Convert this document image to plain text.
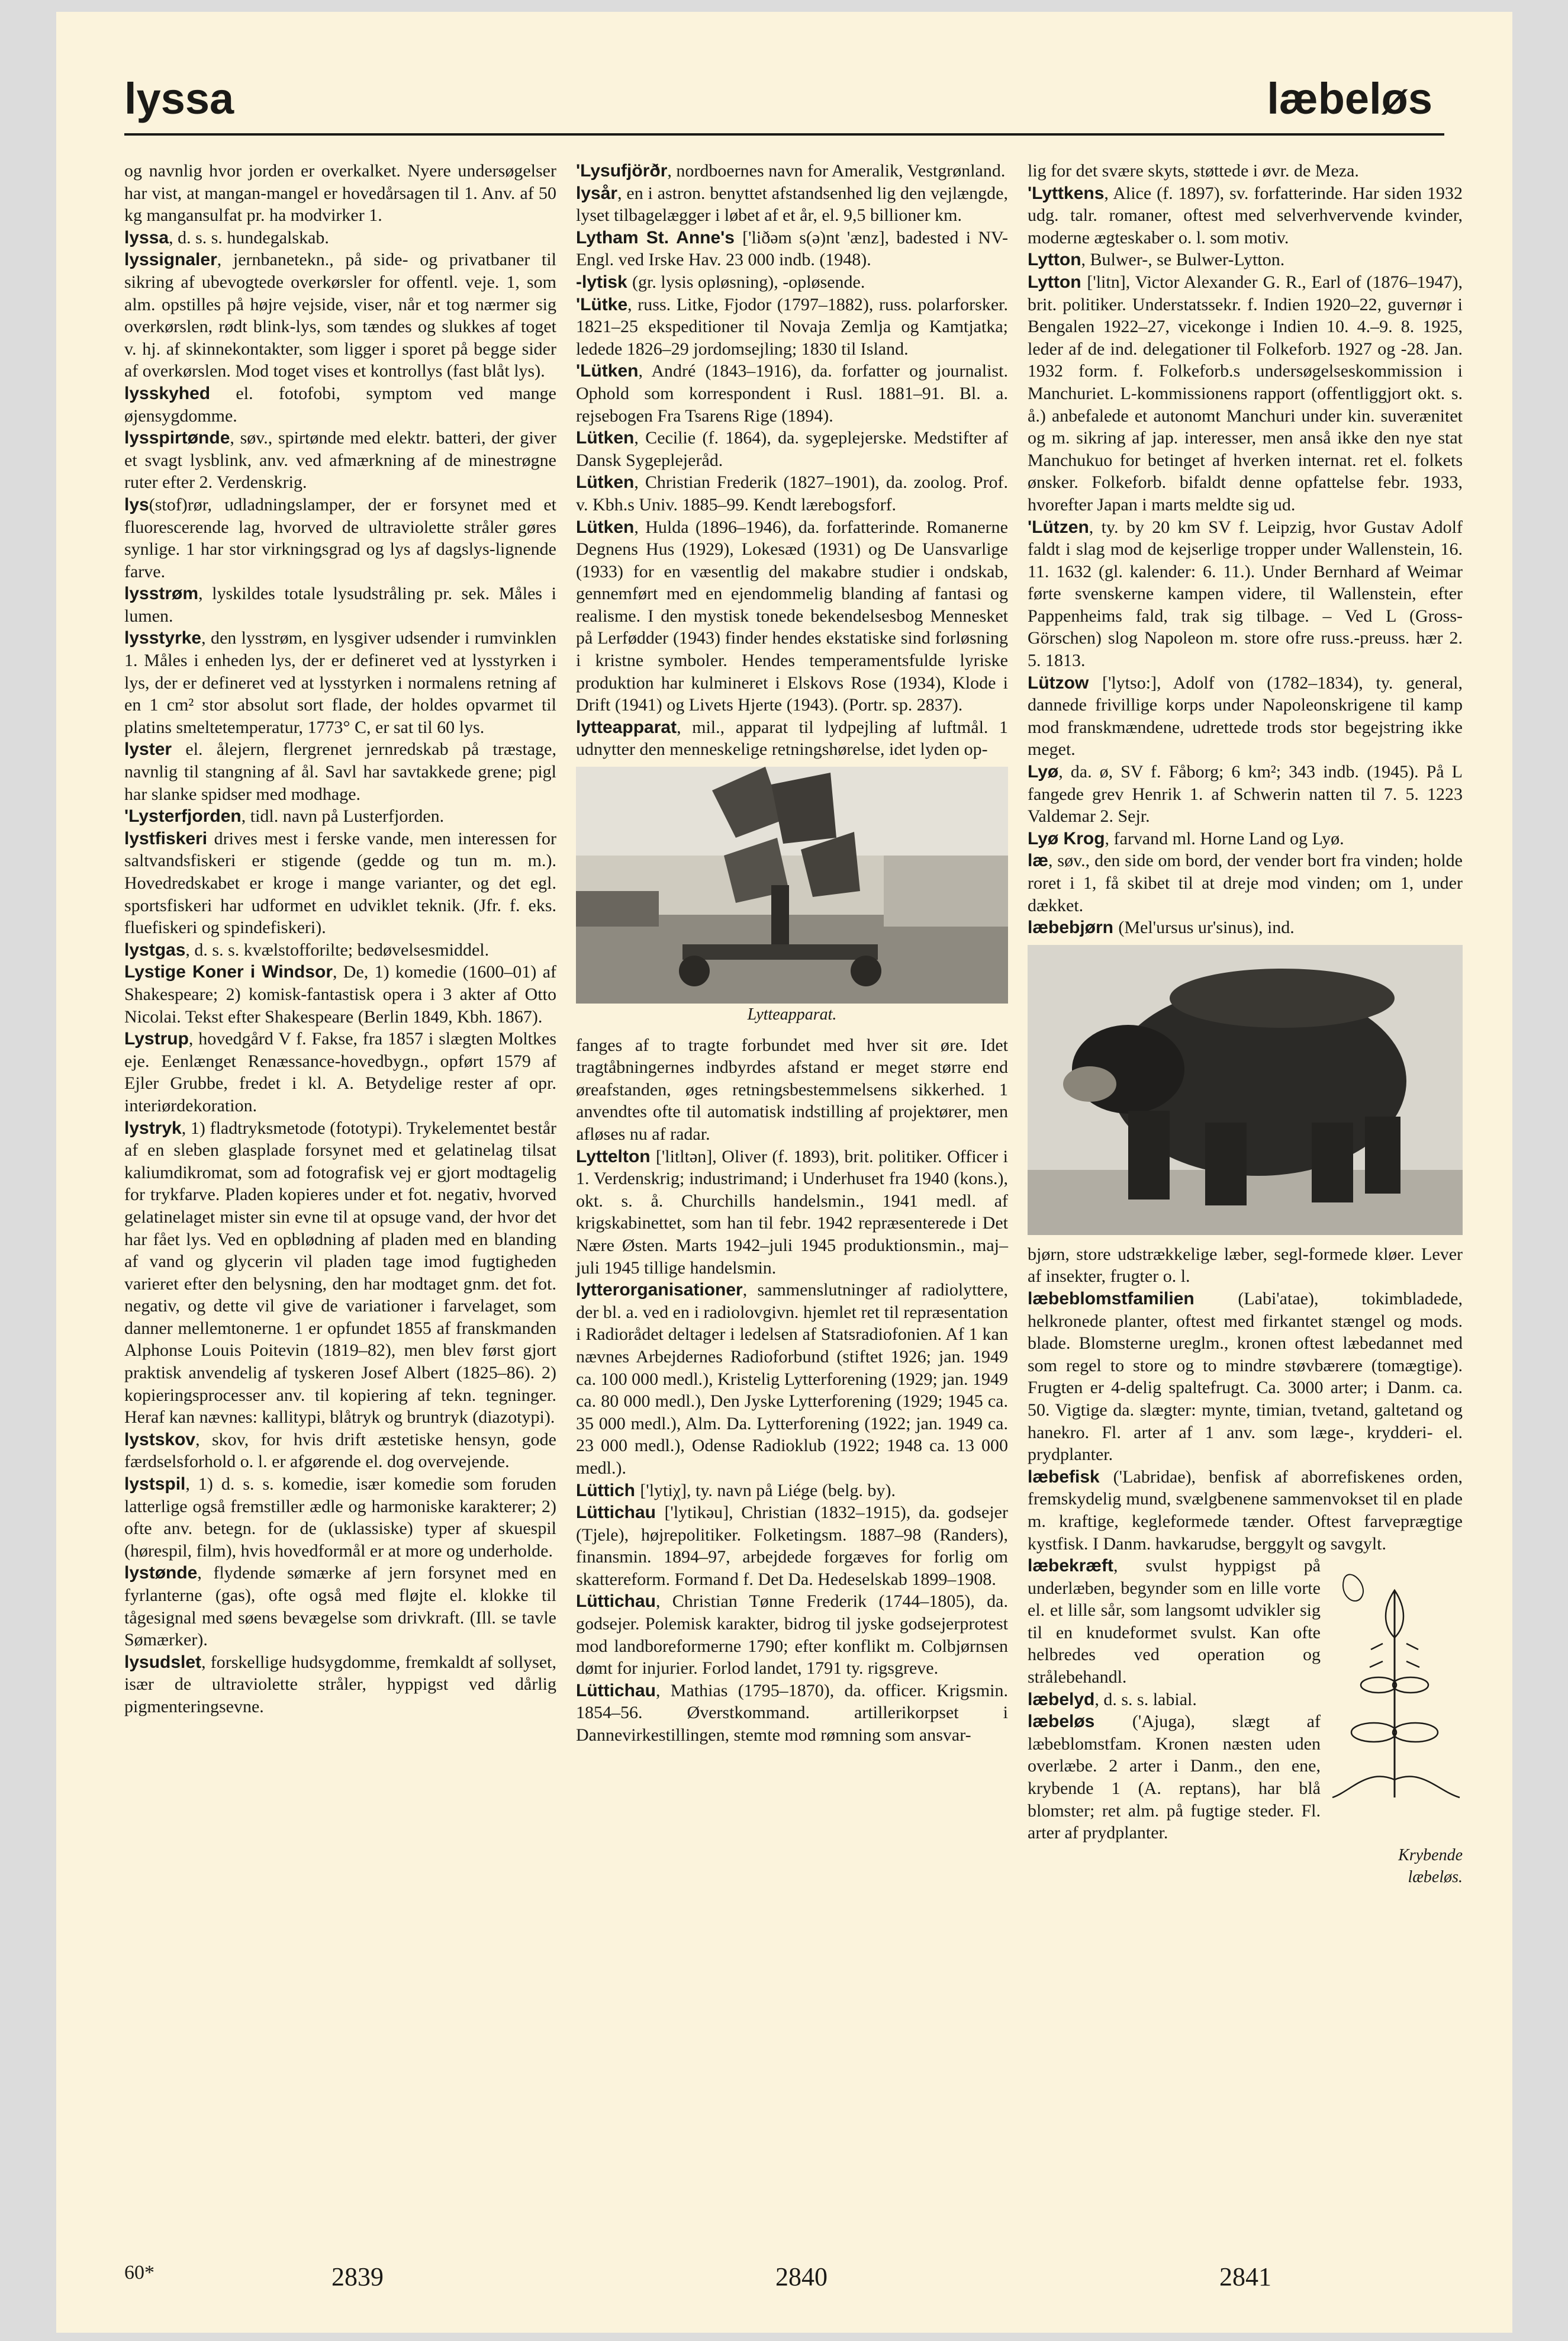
lyssa	læbeløs

og navnlig hvor jorden er overkalket. Nyere undersøgelser har vist, at mangan-mangel er hovedårsagen til 1. Anv. af 50 kg mangansulfat pr. ha modvirker 1.

lyssa, d. s. s. hundegalskab.

lyssignaler, jernbanetekn., på side- og privatbaner til sikring af ubevogtede overkørsler for offentl. veje. 1, som alm. opstilles på højre vejside, viser, når et tog nærmer sig overkørslen, rødt blink-lys, som tændes og slukkes af toget v. hj. af skinnekontakter, som ligger i sporet på begge sider af overkørslen. Mod toget vises et kontrollys (fast blåt lys).

lysskyhed el. fotofobi, symptom ved mange øjensygdomme.

lysspirtønde, søv., spirtønde med elektr. batteri, der giver et svagt lysblink, anv. ved afmærkning af de minestrøgne ruter efter 2. Verdenskrig.

lys(stof)rør, udladningslamper, der er forsynet med et fluorescerende lag, hvorved de ultraviolette stråler gøres synlige. 1 har stor virkningsgrad og lys af dagslys-lignende farve.

lysstrøm, lyskildes totale lysudstråling pr. sek. Måles i lumen.

lysstyrke, den lysstrøm, en lysgiver udsender i rumvinklen 1. Måles i enheden lys, der er defineret ved at lysstyrken i lys, der er defineret ved at lysstyrken i normalens retning af en 1 cm² stor absolut sort flade, der holdes opvarmet til platins smeltetemperatur, 1773° C, er sat til 60 lys.

lyster el. ålejern, flergrenet jernredskab på træstage, navnlig til stangning af ål. Savl har savtakkede grene; pigl har slanke spidser med modhage.

'Lysterfjorden, tidl. navn på Lusterfjorden.

lystfiskeri drives mest i ferske vande, men interessen for saltvandsfiskeri er stigende (gedde og tun m. m.). Hovedredskabet er kroge i mange varianter, og det egl. sportsfiskeri har udformet en udviklet teknik. (Jfr. f. eks. fluefiskeri og spindefiskeri).

lystgas, d. s. s. kvælstofforilte; bedøvelsesmiddel.

Lystige Koner i Windsor, De, 1) komedie (1600–01) af Shakespeare; 2) komisk-fantastisk opera i 3 akter af Otto Nicolai. Tekst efter Shakespeare (Berlin 1849, Kbh. 1867).

Lystrup, hovedgård V f. Fakse, fra 1857 i slægten Moltkes eje. Eenlænget Renæssance-hovedbygn., opført 1579 af Ejler Grubbe, fredet i kl. A. Betydelige rester af opr. interiørdekoration.

lystryk, 1) fladtryksmetode (fototypi). Trykelementet består af en sleben glasplade forsynet med et gelatinelag tilsat kaliumdikromat, som ad fotografisk vej er gjort modtagelig for trykfarve. Pladen kopieres under et fot. negativ, hvorved gelatinelaget mister sin evne til at opsuge vand, der hvor det har fået lys. Ved en opblødning af pladen med en blanding af vand og glycerin vil pladen tage imod fugtigheden varieret efter den belysning, den har modtaget gnm. det fot. negativ, og dette vil give de variationer i farvelaget, som danner mellemtonerne. 1 er opfundet 1855 af franskmanden Alphonse Louis Poitevin (1819–82), men blev først gjort praktisk anvendelig af tyskeren Josef Albert (1825–86). 2) kopieringsprocesser anv. til kopiering af tekn. tegninger. Heraf kan nævnes: kallitypi, blåtryk og bruntryk (diazotypi).

lystskov, skov, for hvis drift æstetiske hensyn, gode færdselsforhold o. l. er afgørende el. dog overvejende.

lystspil, 1) d. s. s. komedie, især komedie som foruden latterlige også fremstiller ædle og harmoniske karakterer; 2) ofte anv. betegn. for de (uklassiske) typer af skuespil (hørespil, film), hvis hovedformål er at more og underholde.

lystønde, flydende sømærke af jern forsynet med en fyrlanterne (gas), ofte også med fløjte el. klokke til tågesignal med søens bevægelse som drivkraft. (Ill. se tavle Sømærker).

lysudslet, forskellige hudsygdomme, fremkaldt af sollyset, især de ultraviolette stråler, hyppigst ved dårlig pigmenteringsevne.

'Lysufjörðr, nordboernes navn for Ameralik, Vestgrønland.

lysår, en i astron. benyttet afstandsenhed lig den vejlængde, lyset tilbagelægger i løbet af et år, el. 9,5 billioner km.

Lytham St. Anne's ['liðəm s(ə)nt 'ænz], badested i NV-Engl. ved Irske Hav. 23 000 indb. (1948).

-lytisk (gr. lysis opløsning), -opløsende.

'Lütke, russ. Litke, Fjodor (1797–1882), russ. polarforsker. 1821–25 ekspeditioner til Novaja Zemlja og Kamtjatka; ledede 1826–29 jordomsejling; 1830 til Island.

'Lütken, André (1843–1916), da. forfatter og journalist. Ophold som korrespondent i Rusl. 1881–91. Bl. a. rejsebogen Fra Tsarens Rige (1894).

Lütken, Cecilie (f. 1864), da. sygeplejerske. Medstifter af Dansk Sygeplejeråd.

Lütken, Christian Frederik (1827–1901), da. zoolog. Prof. v. Kbh.s Univ. 1885–99. Kendt lærebogsforf.

Lütken, Hulda (1896–1946), da. forfatterinde. Romanerne Degnens Hus (1929), Lokesæd (1931) og De Uansvarlige (1933) for en væsentlig del makabre studier i ondskab, gennemført med en ejendommelig blanding af fantasi og realisme. I den mystisk tonede bekendelsesbog Mennesket på Lerfødder (1943) finder hendes ekstatiske sind forløsning i kristne symboler. Hendes temperamentsfulde lyriske produktion har kulmineret i Elskovs Rose (1934), Klode i Drift (1941) og Livets Hjerte (1943). (Portr. sp. 2837).

lytteapparat, mil., apparat til lydpejling af luftmål. 1 udnytter den menneskelige retningshørelse, idet lyden op-

Lytteapparat.

fanges af to tragte forbundet med hver sit øre. Idet tragtåbningernes indbyrdes afstand er meget større end øreafstanden, øges retningsbestemmelsens sikkerhed. 1 anvendtes ofte til automatisk indstilling af projektører, men afløses nu af radar.

Lyttelton ['litltən], Oliver (f. 1893), brit. politiker. Officer i 1. Verdenskrig; industrimand; i Underhuset fra 1940 (kons.), okt. s. å. Churchills handelsmin., 1941 medl. af krigskabinettet, som han til febr. 1942 repræsenterede i Det Nære Østen. Marts 1942–juli 1945 produktionsmin., maj–juli 1945 tillige handelsmin.

lytterorganisationer, sammenslutninger af radiolyttere, der bl. a. ved en i radiolovgivn. hjemlet ret til repræsentation i Radiorådet deltager i ledelsen af Statsradiofonien. Af 1 kan nævnes Arbejdernes Radioforbund (stiftet 1926; jan. 1949 ca. 100 000 medl.), Kristelig Lytterforening (1929; jan. 1949 ca. 80 000 medl.), Den Jyske Lytterforening (1929; 1945 ca. 35 000 medl.), Alm. Da. Lytterforening (1922; jan. 1949 ca. 23 000 medl.), Odense Radioklub (1922; 1948 ca. 13 000 medl.).

Lüttich ['lytiχ], ty. navn på Liége (belg. by).

Lüttichau ['lytikəu], Christian (1832–1915), da. godsejer (Tjele), højrepolitiker. Folketingsm. 1887–98 (Randers), finansmin. 1894–97, arbejdede forgæves for forlig om skattereform. Formand f. Det Da. Hedeselskab 1899–1908.

Lüttichau, Christian Tønne Frederik (1744–1805), da. godsejer. Polemisk karakter, bidrog til jyske godsejerprotest mod landboreformerne 1790; efter konflikt m. Colbjørnsen dømt for injurier. Forlod landet, 1791 ty. rigsgreve.

Lüttichau, Mathias (1795–1870), da. officer. Krigsmin. 1854–56. Øverstkommand. artillerikorpset i Dannevirkestillingen, stemte mod rømning som ansvar-

lig for det svære skyts, støttede i øvr. de Meza.

'Lyttkens, Alice (f. 1897), sv. forfatterinde. Har siden 1932 udg. talr. romaner, oftest med selverhvervende kvinder, moderne ægteskaber o. l. som motiv.

Lytton, Bulwer-, se Bulwer-Lytton.

Lytton ['litn], Victor Alexander G. R., Earl of (1876–1947), brit. politiker. Understatssekr. f. Indien 1920–22, guvernør i Bengalen 1922–27, vicekonge i Indien 10. 4.–9. 8. 1925, leder af de ind. delegationer til Folkeforb. 1927 og -28. Jan. 1932 form. f. Folkeforb.s undersøgelseskommission i Manchuriet. L-kommissionens rapport (offentliggjort okt. s. å.) anbefalede et autonomt Manchuri under kin. suverænitet og m. sikring af jap. interesser, men anså ikke den nye stat Manchukuo for betinget af hverken internat. ret el. folkets ønsker. Folkeforb. bifaldt denne opfattelse febr. 1933, hvorefter Japan i marts meldte sig ud.

'Lützen, ty. by 20 km SV f. Leipzig, hvor Gustav Adolf faldt i slag mod de kejserlige tropper under Wallenstein, 16. 11. 1632 (gl. kalender: 6. 11.). Under Bernhard af Weimar førte svenskerne kampen videre, til Wallenstein, efter Pappenheims fald, trak sig tilbage. – Ved L (Gross-Görschen) slog Napoleon m. store ofre russ.-preuss. hær 2. 5. 1813.

Lützow ['lytso:], Adolf von (1782–1834), ty. general, dannede frivillige korps under Napoleonskrigene til kamp mod franskmændene, udrettede trods stor begejstring ikke meget.

Lyø, da. ø, SV f. Fåborg; 6 km²; 343 indb. (1945). På L fangede grev Henrik 1. af Schwerin natten til 7. 5. 1223 Valdemar 2. Sejr.

Lyø Krog, farvand ml. Horne Land og Lyø.

læ, søv., den side om bord, der vender bort fra vinden; holde roret i 1, få skibet til at dreje mod vinden; om 1, under dækket.

læbebjørn (Mel'ursus ur'sinus), ind.

bjørn, store udstrækkelige læber, segl-formede kløer. Lever af insekter, frugter o. l.

læbeblomstfamilien (Labi'atae), tokimbladede, helkronede planter, oftest med firkantet stængel og mods. blade. Blomsterne ureglm., kronen oftest læbedannet med som regel to store og to mindre støvbærere (tomægtige). Frugten er 4-delig spaltefrugt. Ca. 3000 arter; i Danm. ca. 50. Vigtige da. slægter: mynte, timian, tvetand, galtetand og hanekro. Fl. arter af 1 anv. som læge-, krydderi- el. prydplanter.

læbefisk ('Labridae), benfisk af aborrefiskenes orden, fremskydelig mund, svælgbenene sammenvokset til en plade m. kraftige, kegleformede tænder. Oftest farveprægtige kystfisk. I Danm. havkarudse, berggylt og savgylt.

læbekræft, svulst hyppigst på underlæben, begynder som en lille vorte el. et lille sår, som langsomt udvikler sig til en knudeformet svulst. Kan ofte helbredes ved operation og strålebehandl.

læbelyd, d. s. s. labial.

læbeløs ('Ajuga), slægt af læbeblomstfam. Kronen næsten uden overlæbe. 2 arter i Danm., den ene, krybende 1 (A. reptans), har blå blomster; ret alm. på fugtige steder. Fl. arter af prydplanter.

Krybende
læbeløs.
60*	2839	2840	2841
